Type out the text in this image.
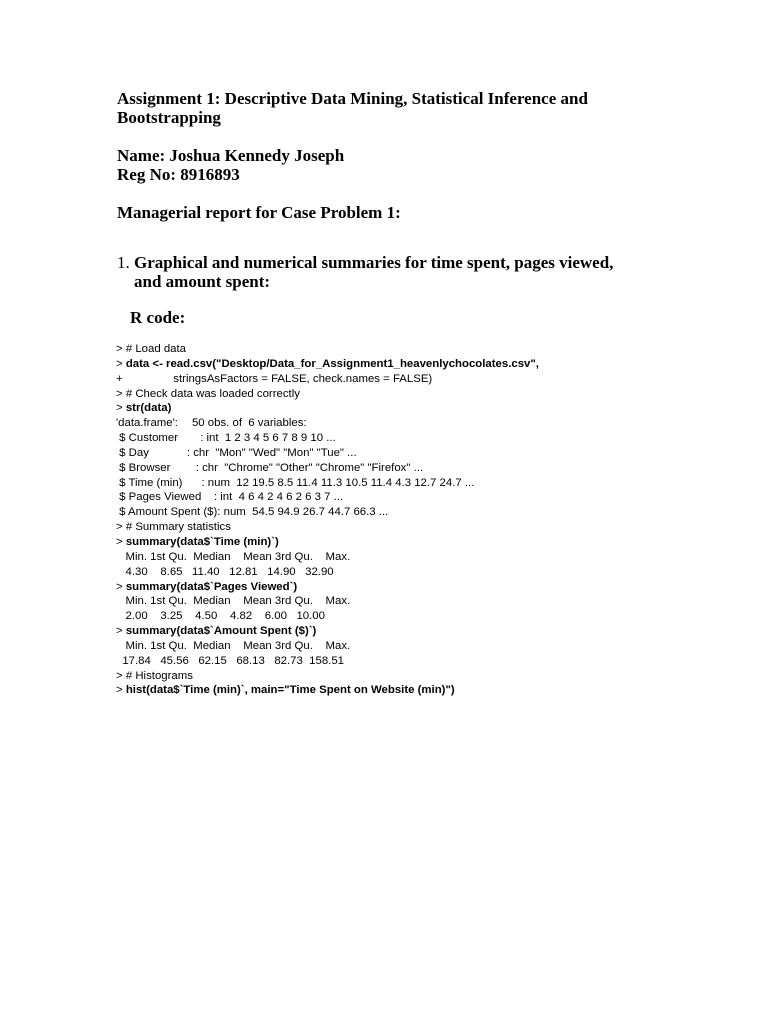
Assignment 1: Descriptive Data Mining, Statistical Inference and Bootstrapping
Name: Joshua Kennedy Joseph
Reg No: 8916893
Managerial report for Case Problem 1:
1. Graphical and numerical summaries for time spent, pages viewed, and amount spent:
R code:
> # Load data
> data <- read.csv("Desktop/Data_for_Assignment1_heavenlychocolates.csv",
+                stringsAsFactors = FALSE, check.names = FALSE)
> # Check data was loaded correctly
> str(data)
'data.frame':	50 obs. of  6 variables:
$ Customer       : int  1 2 3 4 5 6 7 8 9 10 ...
$ Day            : chr  "Mon" "Wed" "Mon" "Tue" ...
$ Browser        : chr  "Chrome" "Other" "Chrome" "Firefox" ...
$ Time (min)      : num  12 19.5 8.5 11.4 11.3 10.5 11.4 4.3 12.7 24.7 ...
$ Pages Viewed    : int  4 6 4 2 4 6 2 6 3 7 ...
$ Amount Spent ($): num  54.5 94.9 26.7 44.7 66.3 ...
> # Summary statistics
> summary(data$`Time (min)`)
Min. 1st Qu.  Median    Mean 3rd Qu.    Max.
4.30    8.65   11.40   12.81   14.90   32.90
> summary(data$`Pages Viewed`)
Min. 1st Qu.  Median    Mean 3rd Qu.    Max.
2.00    3.25    4.50    4.82    6.00   10.00
> summary(data$`Amount Spent ($)`)
Min. 1st Qu.  Median    Mean 3rd Qu.    Max.
17.84   45.56   62.15   68.13   82.73  158.51
> # Histograms
> hist(data$`Time (min)`, main="Time Spent on Website (min)")
